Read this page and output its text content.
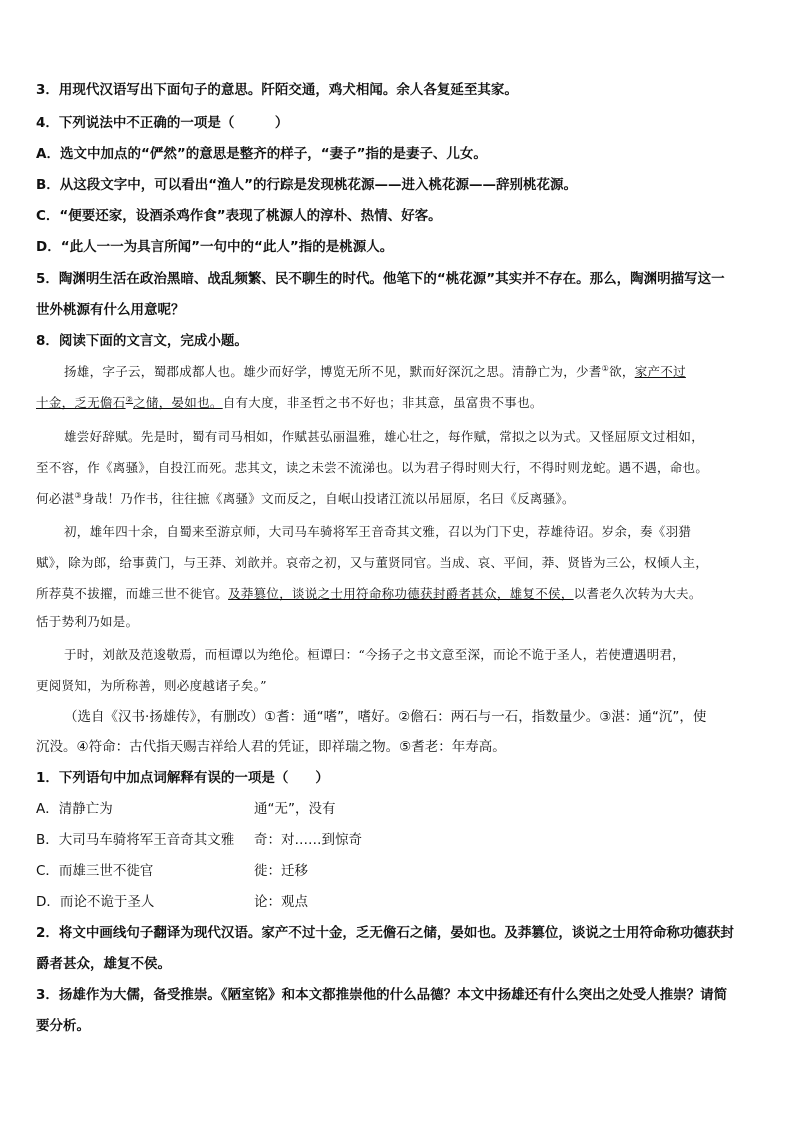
3．用现代汉语写出下面句子的意思。阡陌交通，鸡犬相闻。余人各复延至其家。
4．下列说法中不正确的一项是（　　　）
A．选文中加点的“俨然”的意思是整齐的样子，“妻子”指的是妻子、儿女。
B．从这段文字中，可以看出“渔人”的行踪是发现桃花源——进入桃花源——辞别桃花源。
C．“便要还家，设酒杀鸡作食”表现了桃源人的淳朴、热情、好客。
D．“此人一一为具言所闻”一句中的“此人”指的是桃源人。
5．陶渊明生活在政治黑暗、战乱频繁、民不聊生的时代。他笔下的“桃花源”其实并不存在。那么，陶渊明描写这一
世外桃源有什么用意呢？
8．阅读下面的文言文，完成小题。
扬雄，字子云，蜀郡成都人也。雄少而好学，博览无所不见，默而好深沉之思。清静亡为，少耆①欲，家产不过
十金，乏无儋石②之储，晏如也。自有大度，非圣哲之书不好也；非其意，虽富贵不事也。
雄尝好辞赋。先是时，蜀有司马相如，作赋甚弘丽温雅，雄心壮之，每作赋，常拟之以为式。又怪屈原文过相如，
至不容，作《离骚》，自投江而死。悲其文，读之未尝不流涕也。以为君子得时则大行，不得时则龙蛇。遇不遇，命也。
何必湛③身哉！乃作书，往往摭《离骚》文而反之，自岷山投诸江流以吊屈原，名曰《反离骚》。
初，雄年四十余，自蜀来至游京师，大司马车骑将军王音奇其文雅，召以为门下史，荐雄待诏。岁余，奏《羽猎
赋》，除为郎，给事黄门，与王莽、刘歆并。哀帝之初，又与董贤同官。当成、哀、平间，莽、贤皆为三公，权倾人主，
所荐莫不拔擢，而雄三世不徙官。及莽篡位，谈说之士用符命称功德获封爵者甚众，雄复不侯，以耆老久次转为大夫。
恬于势利乃如是。
于时，刘歆及范逡敬焉，而桓谭以为绝伦。桓谭曰：“今扬子之书文意至深，而论不诡于圣人，若使遭遇明君，
更阅贤知，为所称善，则必度越诸子矣。”
（选自《汉书·扬雄传》，有删改）①耆：通“嗜”，嗜好。②儋石：两石与一石，指数量少。③湛：通“沉”，使
沉没。④符命：古代指天赐吉祥给人君的凭证，即祥瑞之物。⑤耆老：年寿高。
1．下列语句中加点词解释有误的一项是（　　）
A．清静亡为	通“无”，没有
B．大司马车骑将军王音奇其文雅 奇：对……到惊奇
C．而雄三世不徙官	徙：迁移
D．而论不诡于圣人	论：观点
2．将文中画线句子翻译为现代汉语。家产不过十金，乏无儋石之储，晏如也。及莽篡位，谈说之士用符命称功德获封
爵者甚众，雄复不侯。
3．扬雄作为大儒，备受推崇。《陋室铭》和本文都推崇他的什么品德？本文中扬雄还有什么突出之处受人推崇？请简
要分析。
